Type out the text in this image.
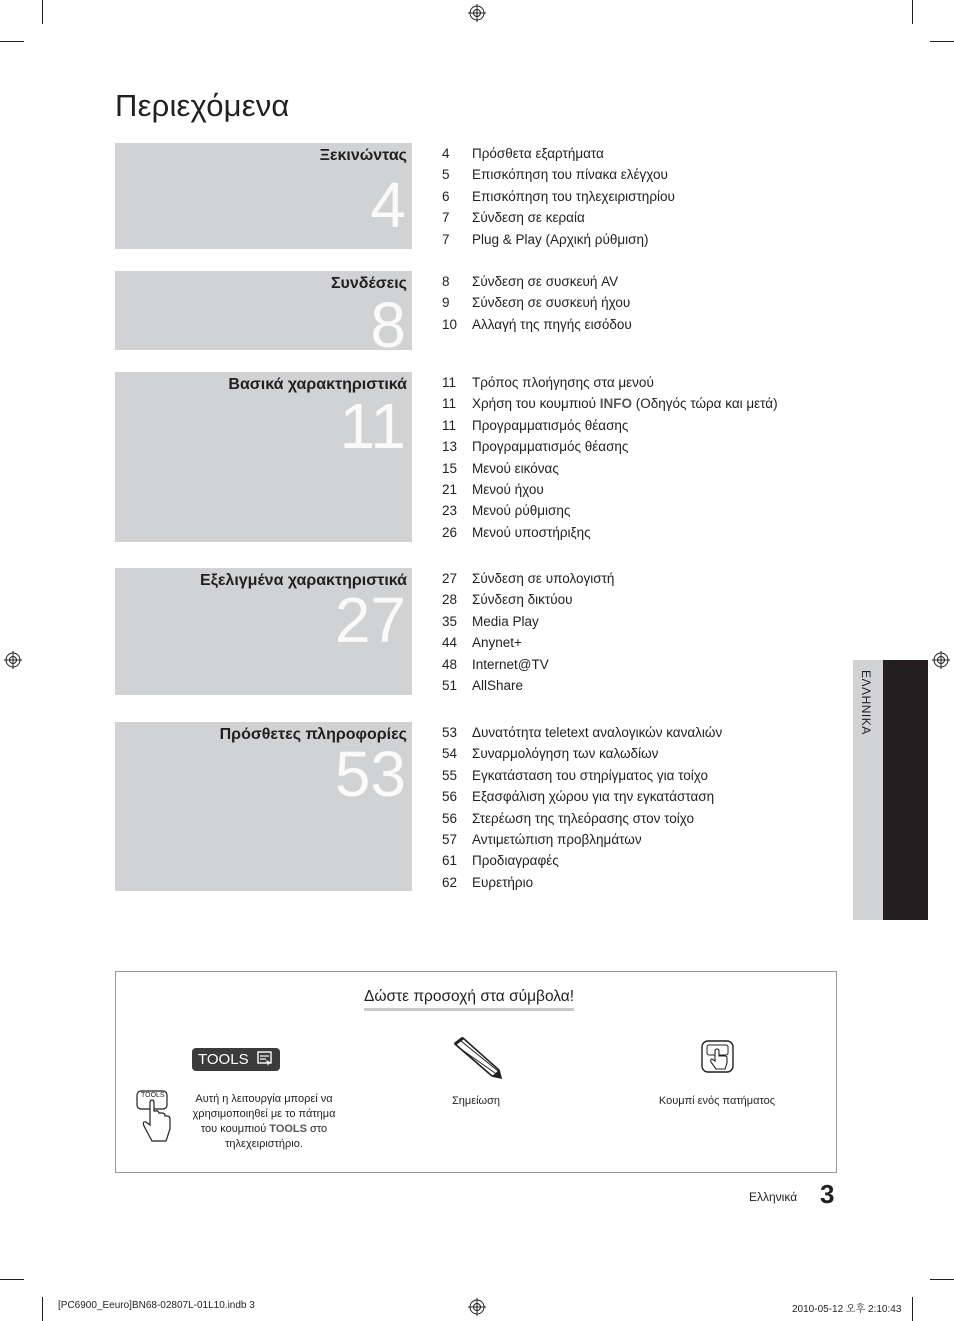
Περιεχόμενα
Ξεκινώντας
4
4 Πρόσθετα εξαρτήματα
5 Επισκόπηση του πίνακα ελέγχου
6 Επισκόπηση του τηλεχειριστηρίου
7 Σύνδεση σε κεραία
7 Plug & Play (Αρχική ρύθμιση)
Συνδέσεις
8
8 Σύνδεση σε συσκευή AV
9 Σύνδεση σε συσκευή ήχου
10 Αλλαγή της πηγής εισόδου
Βασικά χαρακτηριστικά
11
11 Τρόπος πλοήγησης στα μενού
11 Χρήση του κουμπιού INFO (Οδηγός τώρα και μετά)
11 Προγραμματισμός θέασης
13 Προγραμματισμός θέασης
15 Μενού εικόνας
21 Μενού ήχου
23 Μενού ρύθμισης
26 Μενού υποστήριξης
Εξελιγμένα χαρακτηριστικά
27
27 Σύνδεση σε υπολογιστή
28 Σύνδεση δικτύου
35 Media Play
44 Anynet+
48 Internet@TV
51 AllShare
Πρόσθετες πληροφορίες
53
53 Δυνατότητα teletext αναλογικών καναλιών
54 Συναρμολόγηση των καλωδίων
55 Εγκατάσταση του στηρίγματος για τοίχο
56 Εξασφάλιση χώρου για την εγκατάσταση
56 Στερέωση της τηλεόρασης στον τοίχο
57 Αντιμετώπιση προβλημάτων
61 Προδιαγραφές
62 Ευρετήριο
ΕΛΛΗΝΙΚΑ
Δώστε προσοχή στα σύμβολα!
TOOLS
TOOLS	Αυτή η λειτουργία μπορεί να
χρησιμοποιηθεί με το πάτημα
του κουμπιού TOOLS στο
τηλεχειριστήριο.
Σημείωση	Κουμπί ενός πατήματος
Ελληνικά 3
[PC6900_Eeuro]BN68-02807L-01L10.indb 3	2010-05-12 오후 2:10:43
